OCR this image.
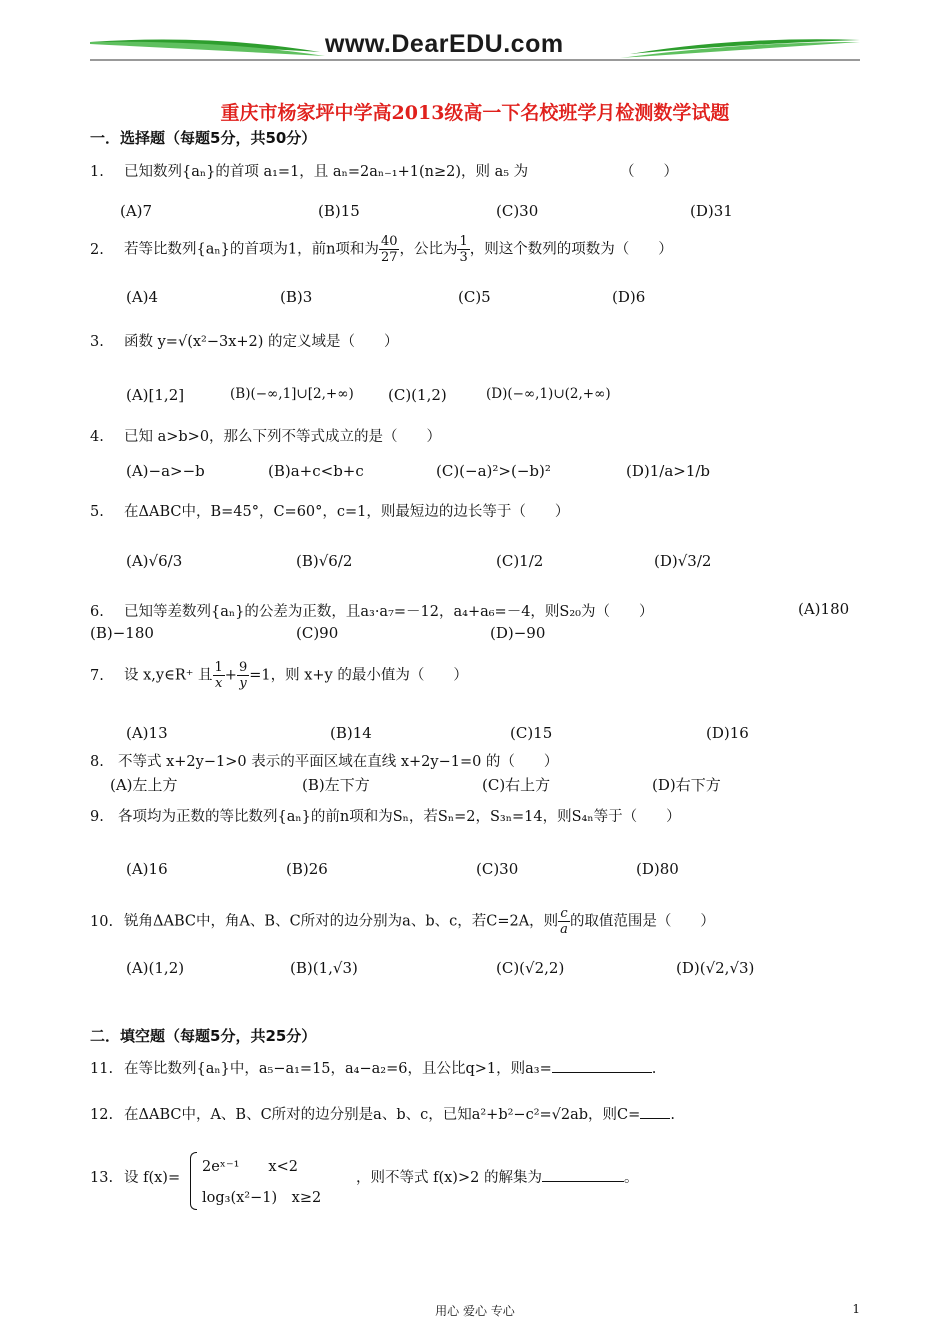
www.DearEDU.com
重庆市杨家坪中学高2013级高一下名校班学月检测数学试题
一．选择题（每题5分，共50分）
1. 已知数列{aₙ}的首项 a₁=1，且 aₙ=2aₙ₋₁+1(n≥2)，则 a₅ 为	（　　）
(A)7	(B)15	(C)30	(D)31
2. 若等比数列{aₙ}的首项为1，前n项和为 $\frac{40}{27}$ ，公比为 $\frac{1}{3}$ ，则这个数列的项数为（　　）
(A)4	(B)3	(C)5	(D)6
3. 函数 y=√(x²−3x+2) 的定义域是（　　）
(A)[1,2]	(B)(−∞,1]∪[2,+∞) (C)(1,2)	(D)(−∞,1)∪(2,+∞)
4. 已知 a>b>0，那么下列不等式成立的是（　　）
(A)−a>−b	(B)a+c<b+c	(C)(−a)²>(−b)²	(D)1/a>1/b
5. 在ΔABC中，B=45°，C=60°，c=1，则最短边的边长等于（　　）
(A)√6/3	(B)√6/2	(C)1/2	(D)√3/2
6. 已知等差数列{aₙ}的公差为正数，且a₃·a₇=－12，a₄+a₆=－4，则S₂₀为（　　）	(A)180
(B)−180	(C)90	(D)−90
7. 设 x,y∈R⁺ 且 $\frac{1}{x} + \frac{9}{y} =1$，则 x+y 的最小值为（　　）
(A)13	(B)14	(C)15	(D)16
8. 不等式 x+2y−1>0 表示的平面区域在直线 x+2y−1=0 的（　　）
(A)左上方	(B)左下方	(C)右上方	(D)右下方
9. 各项均为正数的等比数列{aₙ}的前n项和为Sₙ，若Sₙ=2，S₃ₙ=14，则S₄ₙ等于（　　）
(A)16	(B)26	(C)30	(D)80
10. 锐角ΔABC中，角A、B、C所对的边分别为a、b、c，若C=2A，则 $\frac{c}{a}$ 的取值范围是（　　）
(A)(1,2)	(B)(1,√3)	(C)(√2,2)	(D)(√2,√3)
二．填空题（每题5分，共25分）
11. 在等比数列{aₙ}中，a₅−a₁=15，a₄−a₂=6，且公比q>1，则a₃=	.
12. 在ΔABC中，A、B、C所对的边分别是a、b、c，已知a²+b²−c²=√2ab，则C= .
13. 设 f(x)=
2eˣ⁻¹　　x<2
log₃(x²−1)　x≥2
，则不等式 f(x)>2 的解集为	。
用心 爱心 专心	1
